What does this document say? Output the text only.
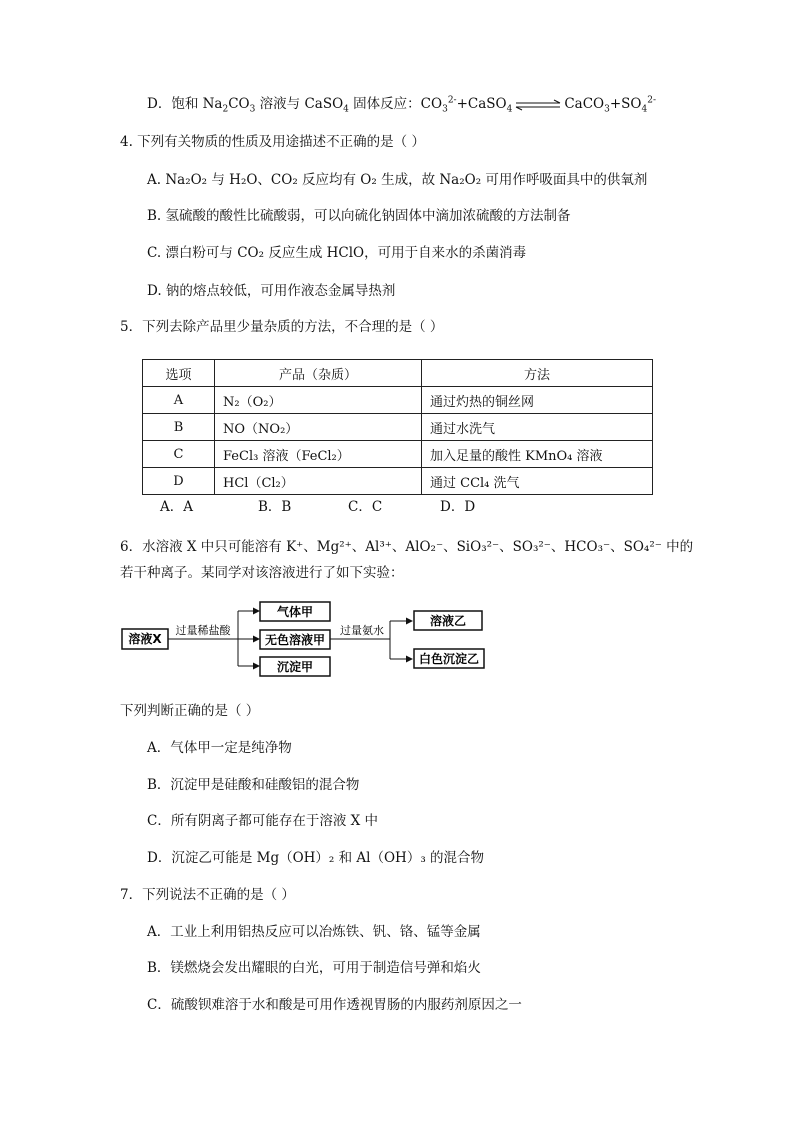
D．饱和 $Na_2CO_3$ 溶液与 CaSO$_4$ 固体反应：$CO_3^{2-}+CaSO_4$ ⇌ $CaCO_3+SO_4^{2-}$
4. 下列有关物质的性质及用途描述不正确的是（ ）
A. Na₂O₂ 与 H₂O、CO₂ 反应均有 O₂ 生成，故 Na₂O₂ 可用作呼吸面具中的供氧剂
B. 氢硫酸的酸性比硫酸弱，可以向硫化钠固体中滴加浓硫酸的方法制备
C. 漂白粉可与 CO₂ 反应生成 HClO，可用于自来水的杀菌消毒
D. 钠的熔点较低，可用作液态金属导热剂
5．下列去除产品里少量杂质的方法，不合理的是（ ）
选项	产品（杂质）	方法
A	N₂（O₂）	通过灼热的铜丝网
B	NO（NO₂）	通过水洗气
C	FeCl₃ 溶液（FeCl₂）	加入足量的酸性 KMnO₄ 溶液
D	HCl（Cl₂）	通过 CCl₄ 洗气
A．A	B．B	C．C	D．D
6．水溶液 X 中只可能溶有 K⁺、Mg²⁺、Al³⁺、AlO₂⁻、SiO₃²⁻、SO₃²⁻、HCO₃⁻、SO₄²⁻ 中的
若干种离子。某同学对该溶液进行了如下实验：
溶液X
过量稀盐酸
气体甲
无色溶液甲
沉淀甲
过量氨水
溶液乙
白色沉淀乙
下列判断正确的是（ ）
A．气体甲一定是纯净物
B．沉淀甲是硅酸和硅酸铝的混合物
C．所有阴离子都可能存在于溶液 X 中
D．沉淀乙可能是 Mg（OH）₂ 和 Al（OH）₃ 的混合物
7．下列说法不正确的是（ ）
A．工业上利用铝热反应可以冶炼铁、钒、铬、锰等金属
B．镁燃烧会发出耀眼的白光，可用于制造信号弹和焰火
C．硫酸钡难溶于水和酸是可用作透视胃肠的内服药剂原因之一
